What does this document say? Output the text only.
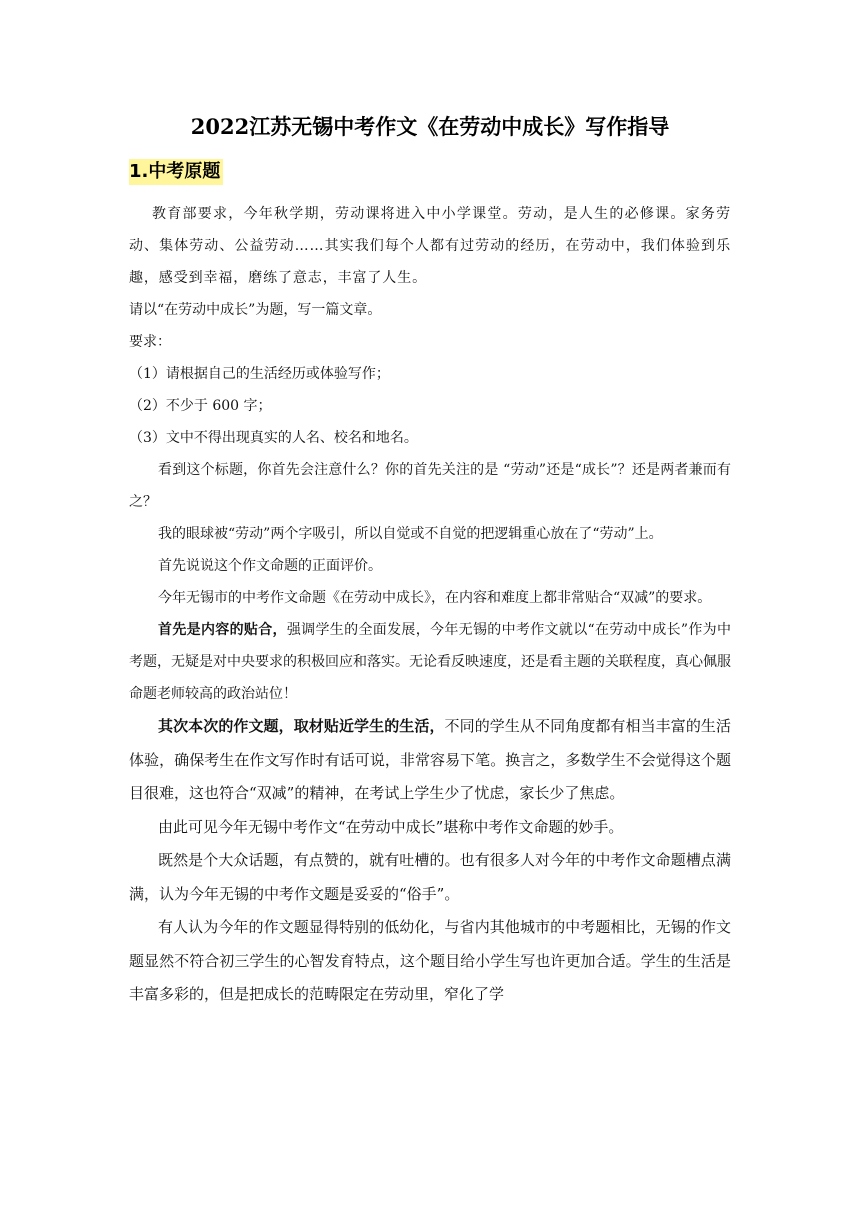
2022江苏无锡中考作文《在劳动中成长》写作指导
1.中考原题

教育部要求，今年秋学期，劳动课将进入中小学课堂。劳动，是人生的必修课。家务劳动、集体劳动、公益劳动……其实我们每个人都有过劳动的经历，在劳动中，我们体验到乐趣，感受到幸福，磨练了意志，丰富了人生。

请以“在劳动中成长”为题，写一篇文章。

要求：

（1）请根据自己的生活经历或体验写作；

（2）不少于 600 字；

（3）文中不得出现真实的人名、校名和地名。

看到这个标题，你首先会注意什么？你的首先关注的是 “劳动”还是“成长”？还是两者兼而有之？

我的眼球被“劳动”两个字吸引，所以自觉或不自觉的把逻辑重心放在了“劳动”上。

首先说说这个作文命题的正面评价。

今年无锡市的中考作文命题《在劳动中成长》，在内容和难度上都非常贴合“双减”的要求。

首先是内容的贴合，强调学生的全面发展，今年无锡的中考作文就以“在劳动中成长”作为中考题，无疑是对中央要求的积极回应和落实。无论看反映速度，还是看主题的关联程度，真心佩服命题老师较高的政治站位！

其次本次的作文题，取材贴近学生的生活，不同的学生从不同角度都有相当丰富的生活体验，确保考生在作文写作时有话可说，非常容易下笔。换言之，多数学生不会觉得这个题目很难，这也符合“双减”的精神，在考试上学生少了忧虑，家长少了焦虑。

由此可见今年无锡中考作文“在劳动中成长”堪称中考作文命题的妙手。

既然是个大众话题，有点赞的，就有吐槽的。也有很多人对今年的中考作文命题槽点满满，认为今年无锡的中考作文题是妥妥的“俗手”。

有人认为今年的作文题显得特别的低幼化，与省内其他城市的中考题相比，无锡的作文题显然不符合初三学生的心智发育特点，这个题目给小学生写也许更加合适。学生的生活是丰富多彩的，但是把成长的范畴限定在劳动里，窄化了学
